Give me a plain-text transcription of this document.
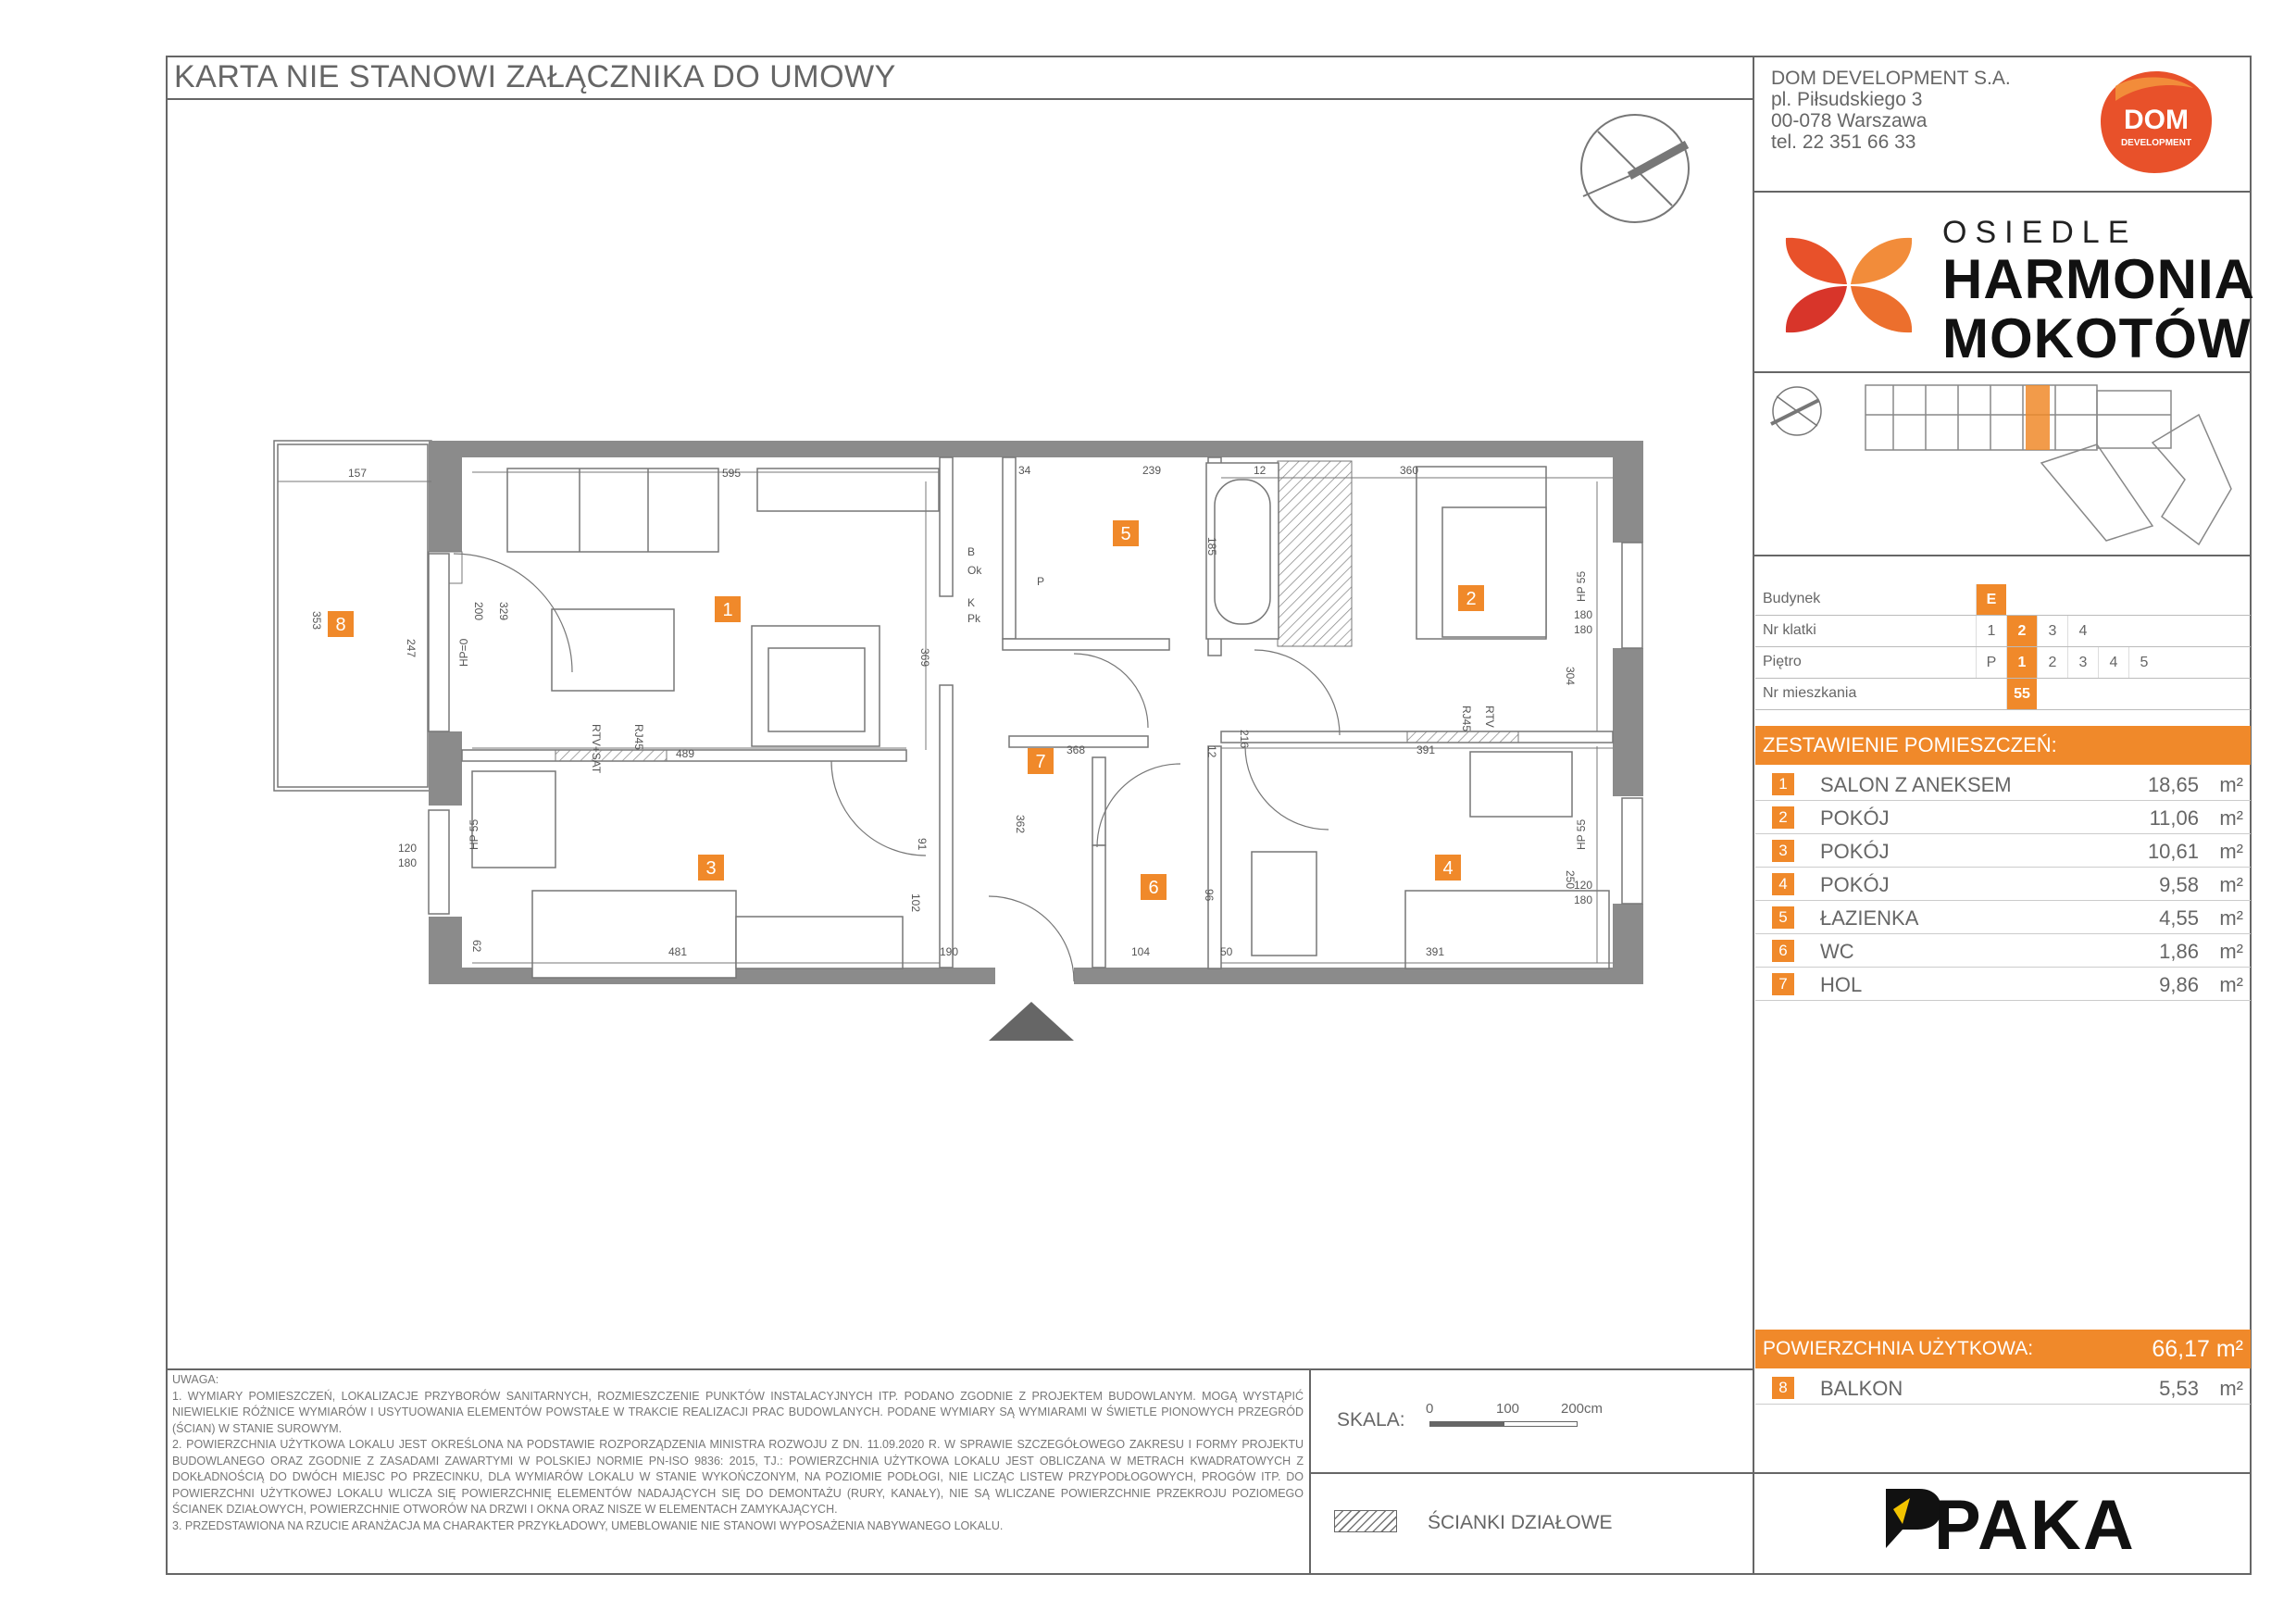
KARTA NIE STANOWI ZAŁĄCZNIKA DO UMOWY	DOM DEVELOPMENT S.A.
pl. Piłsudskiego 3
00-078 Warszawa
tel. 22 351 66 33
DOM
DEVELOPMENT
OSIEDLE
HARMONIA
MOKOTÓW
Budynek	E
Nr klatki	1	2	3	4
Piętro	P	1	2	3	4	5
Nr mieszkania	55
ZESTAWIENIE POMIESZCZEŃ:
1	SALON Z ANEKSEM	18,65 m²
2	POKÓJ	11,06 m²
3	POKÓJ	10,61 m²
4	POKÓJ	9,58 m²
5	ŁAZIENKA	4,55 m²
6	WC	1,86 m²
7	HOL	9,86 m²
POWIERZCHNIA UŻYTKOWA:	66,17 m²
8	BALKON	5,53 m²

UWAGA:

1. WYMIARY POMIESZCZEŃ, LOKALIZACJE PRZYBORÓW SANITARNYCH, ROZMIESZCZENIE PUNKTÓW INSTALACYJNYCH ITP. PODANO ZGODNIE Z PROJEKTEM BUDOWLANYM. MOGĄ WYSTĄPIĆ NIEWIELKIE RÓŻNICE WYMIARÓW I USYTUOWANIA ELEMENTÓW POWSTAŁE W TRAKCIE REALIZACJI PRAC BUDOWLANYCH. PODANE WYMIARY SĄ WYMIARAMI W ŚWIETLE PIONOWYCH PRZEGRÓD (ŚCIAN) W STANIE SUROWYM.

2. POWIERZCHNIA UŻYTKOWA LOKALU JEST OKREŚLONA NA PODSTAWIE ROZPORZĄDZENIA MINISTRA ROZWOJU Z DN. 11.09.2020 R. W SPRAWIE SZCZEGÓŁOWEGO ZAKRESU I FORMY PROJEKTU BUDOWLANEGO ORAZ ZGODNIE Z ZASADAMI ZAWARTYMI W POLSKIEJ NORMIE PN-ISO 9836: 2015, TJ.: POWIERZCHNIA UŻYTKOWA LOKALU JEST OBLICZANA W METRACH KWADRATOWYCH Z DOKŁADNOŚCIĄ DO DWÓCH MIEJSC PO PRZECINKU, DLA WYMIARÓW LOKALU W STANIE WYKOŃCZONYM, NA POZIOMIE PODŁOGI, NIE LICZĄC LISTEW PRZYPODŁOGOWYCH, PROGÓW ITP. DO POWIERZCHNI UŻYTKOWEJ LOKALU WLICZA SIĘ POWIERZCHNIĘ ELEMENTÓW NADAJĄCYCH SIĘ DO DEMONTAŻU (RURY, KANAŁY), NIE SĄ WLICZANE POWIERZCHNIE PRZEKROJU POZIOMEGO ŚCIANEK DZIAŁOWYCH, POWIERZCHNIE OTWORÓW NA DRZWI I OKNA ORAZ NISZE W ELEMENTACH ZAMYKAJĄCYCH.

3. PRZEDSTAWIONA NA RZUCIE ARANŻACJA MA CHARAKTER PRZYKŁADOWY, UMEBLOWANIE NIE STANOWI WYPOSAŻENIA NABYWANEGO LOKALU.

SKALA:
0	100	200cm
ŚCIANKI DZIAŁOWE	PAKA
8
1
2
3	4
5
6
7
157	595	360
489	368	391
391
481	190	104	50
34	239	12
120
180
180
180
120
180
369
362
304
250
185
329
200
353
247
96
216
102
91
62
12
HP 55
HP 55
HP 55
HP=0
RTV+SAT	RJ45
RJ45 RTV
B
Ok
K
Pk
P
